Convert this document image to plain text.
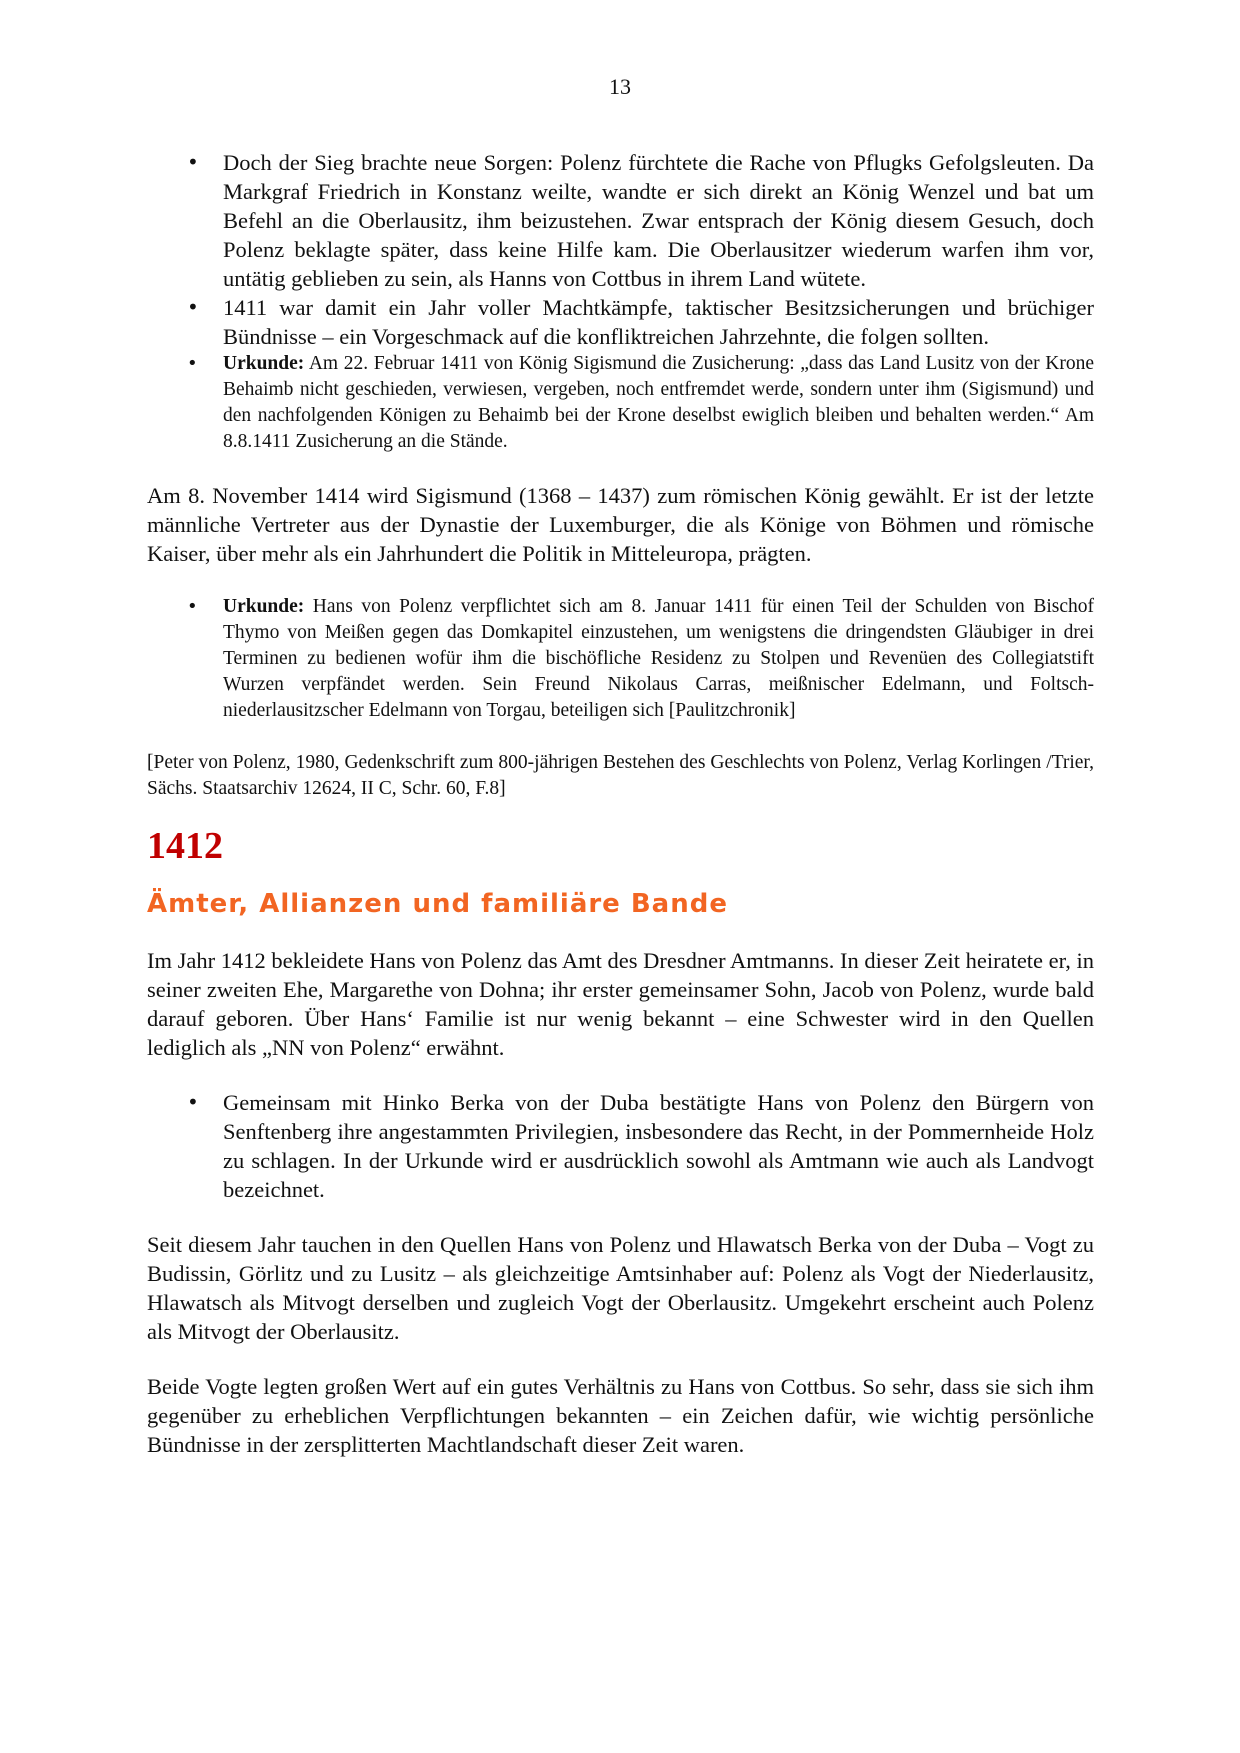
13
• Doch der Sieg brachte neue Sorgen: Polenz fürchtete die Rache von Pflugks Gefolgsleuten. Da Markgraf Friedrich in Konstanz weilte, wandte er sich direkt an König Wenzel und bat um Befehl an die Oberlausitz, ihm beizustehen. Zwar entsprach der König diesem Gesuch, doch Polenz beklagte später, dass keine Hilfe kam. Die Oberlausitzer wiederum warfen ihm vor, untätig geblieben zu sein, als Hanns von Cottbus in ihrem Land wütete.
• 1411 war damit ein Jahr voller Machtkämpfe, taktischer Besitzsicherungen und brüchiger Bündnisse – ein Vorgeschmack auf die konfliktreichen Jahrzehnte, die folgen sollten.
• Urkunde: Am 22. Februar 1411 von König Sigismund die Zusicherung: „dass das Land Lusitz von der Krone Behaimb nicht geschieden, verwiesen, vergeben, noch entfremdet werde, sondern unter ihm (Sigismund) und den nachfolgenden Königen zu Behaimb bei der Krone deselbst ewiglich bleiben und behalten werden.“ Am 8.8.1411 Zusicherung an die Stände.

Am 8. November 1414 wird Sigismund (1368 – 1437) zum römischen König gewählt. Er ist der letzte männliche Vertreter aus der Dynastie der Luxemburger, die als Könige von Böhmen und römische Kaiser, über mehr als ein Jahrhundert die Politik in Mitteleuropa, prägten.

• Urkunde: Hans von Polenz verpflichtet sich am 8. Januar 1411 für einen Teil der Schulden von Bischof Thymo von Meißen gegen das Domkapitel einzustehen, um wenigstens die dringendsten Gläubiger in drei Terminen zu bedienen wofür ihm die bischöfliche Residenz zu Stolpen und Revenüen des Collegiatstift Wurzen verpfändet werden. Sein Freund Nikolaus Carras, meißnischer Edelmann, und Foltsch- niederlausitzscher Edelmann von Torgau, beteiligen sich [Paulitzchronik]

[Peter von Polenz, 1980, Gedenkschrift zum 800-jährigen Bestehen des Geschlechts von Polenz, Verlag Korlingen /Trier, Sächs. Staatsarchiv 12624, II C, Schr. 60, F.8]

1412
Ämter, Allianzen und familiäre Bande

Im Jahr 1412 bekleidete Hans von Polenz das Amt des Dresdner Amtmanns. In dieser Zeit heiratete er, in seiner zweiten Ehe, Margarethe von Dohna; ihr erster gemeinsamer Sohn, Jacob von Polenz, wurde bald darauf geboren. Über Hans‘ Familie ist nur wenig bekannt – eine Schwester wird in den Quellen lediglich als „NN von Polenz“ erwähnt.

• Gemeinsam mit Hinko Berka von der Duba bestätigte Hans von Polenz den Bürgern von Senftenberg ihre angestammten Privilegien, insbesondere das Recht, in der Pommernheide Holz zu schlagen. In der Urkunde wird er ausdrücklich sowohl als Amtmann wie auch als Landvogt bezeichnet.

Seit diesem Jahr tauchen in den Quellen Hans von Polenz und Hlawatsch Berka von der Duba – Vogt zu Budissin, Görlitz und zu Lusitz – als gleichzeitige Amtsinhaber auf: Polenz als Vogt der Niederlausitz, Hlawatsch als Mitvogt derselben und zugleich Vogt der Oberlausitz. Umgekehrt erscheint auch Polenz als Mitvogt der Oberlausitz.

Beide Vogte legten großen Wert auf ein gutes Verhältnis zu Hans von Cottbus. So sehr, dass sie sich ihm gegenüber zu erheblichen Verpflichtungen bekannten – ein Zeichen dafür, wie wichtig persönliche Bündnisse in der zersplitterten Machtlandschaft dieser Zeit waren.
